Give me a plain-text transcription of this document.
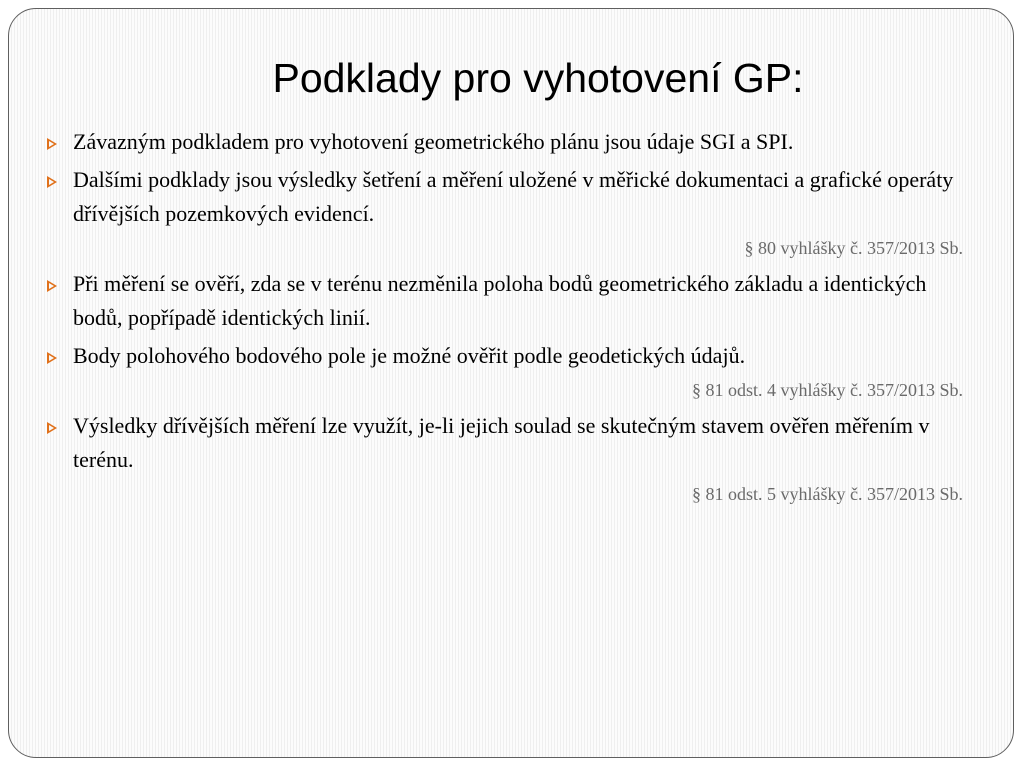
Podklady pro vyhotovení GP:
Závazným podkladem pro vyhotovení geometrického plánu jsou údaje SGI a SPI.
Dalšími podklady jsou výsledky šetření a měření uložené v měřické dokumentaci a grafické operáty dřívějších pozemkových evidencí.
§ 80 vyhlášky č. 357/2013 Sb.
Při měření se ověří, zda se v terénu nezměnila poloha bodů geometrického základu a identických bodů, popřípadě identických linií.
Body polohového bodového pole je možné ověřit podle geodetických údajů.
§ 81 odst. 4 vyhlášky č. 357/2013 Sb.
Výsledky dřívějších měření lze využít, je-li jejich soulad se skutečným stavem ověřen měřením v terénu.
§ 81 odst. 5 vyhlášky č. 357/2013 Sb.
